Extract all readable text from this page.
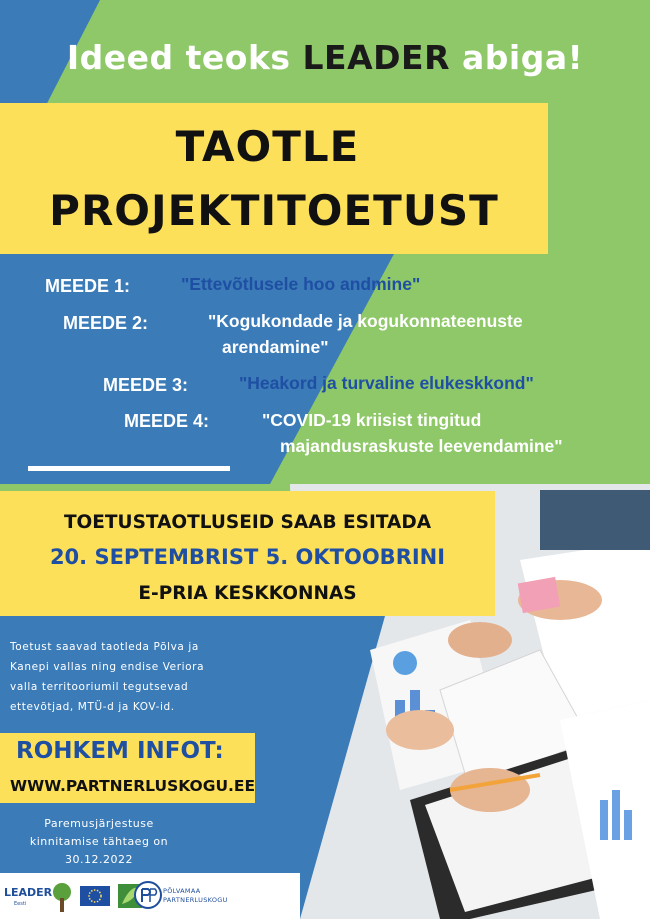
Ideed teoks LEADER abiga!
TAOTLE
PROJEKTITOETUST
MEEDE 1:	"Ettevõtlusele hoo andmine"
MEEDE 2:	"Kogukondade ja kogukonnateenuste
arendamine"
MEEDE 3:	"Heakord ja turvaline elukeskkond"
MEEDE 4:	"COVID-19 kriisist tingitud
majandusraskuste leevendamine"
TOETUSTAOTLUSEID SAAB ESITADA
20. SEPTEMBRIST 5. OKTOOBRINI
E-PRIA KESKKONNAS
Toetust saavad taotleda Põlva ja
Kanepi vallas ning endise Veriora
valla territooriumil tegutsevad
ettevõtjad, MTÜ-d ja KOV-id.
ROHKEM INFOT:
WWW.PARTNERLUSKOGU.EE
Paremusjärjestuse
kinnitamise tähtaeg on
30.12.2022
LEADER
Eesti
PÕLVAMAA
PARTNERLUSKOGU
